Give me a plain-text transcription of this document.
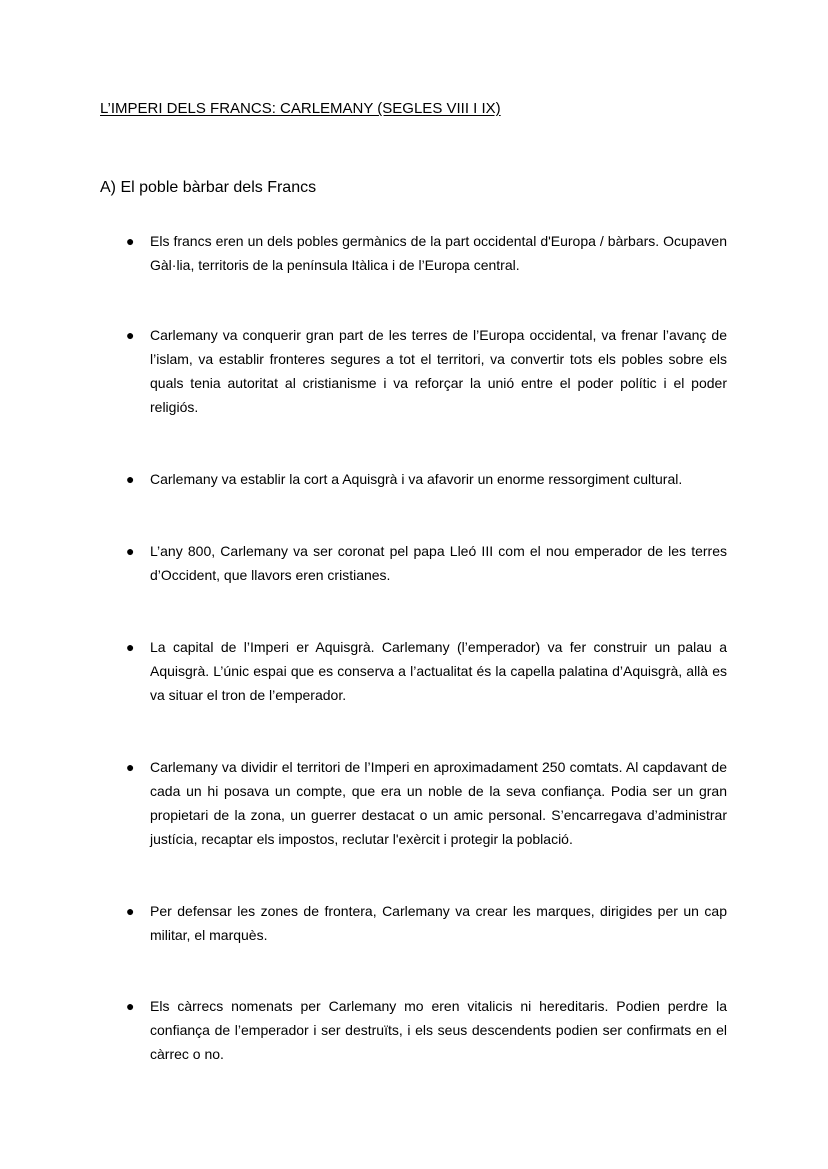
L’IMPERI DELS FRANCS: CARLEMANY (SEGLES VIII I IX)
A) El poble bàrbar dels Francs
● Els francs eren un dels pobles germànics de la part occidental d'Europa / bàrbars. Ocupaven Gàl·lia, territoris de la península Itàlica i de l’Europa central.
● Carlemany va conquerir gran part de les terres de l’Europa occidental, va frenar l’avanç de l’islam, va establir fronteres segures a tot el territori, va convertir tots els pobles sobre els quals tenia autoritat al cristianisme i va reforçar la unió entre el poder polític i el poder religiós.
● Carlemany va establir la cort a Aquisgrà i va afavorir un enorme ressorgiment cultural.
● L’any 800, Carlemany va ser coronat pel papa Lleó III com el nou emperador de les terres d’Occident, que llavors eren cristianes.
● La capital de l’Imperi er Aquisgrà. Carlemany (l’emperador) va fer construir un palau a Aquisgrà. L’únic espai que es conserva a l’actualitat és la capella palatina d’Aquisgrà, allà es va situar el tron de l’emperador.
● Carlemany va dividir el territori de l’Imperi en aproximadament 250 comtats. Al capdavant de cada un hi posava un compte, que era un noble de la seva confiança. Podia ser un gran propietari de la zona, un guerrer destacat o un amic personal. S’encarregava d’administrar justícia, recaptar els impostos, reclutar l'exèrcit i protegir la població.
● Per defensar les zones de frontera, Carlemany va crear les marques, dirigides per un cap militar, el marquès.
● Els càrrecs nomenats per Carlemany mo eren vitalicis ni hereditaris. Podien perdre la confiança de l’emperador i ser destruïts, i els seus descendents podien ser confirmats en el càrrec o no.
